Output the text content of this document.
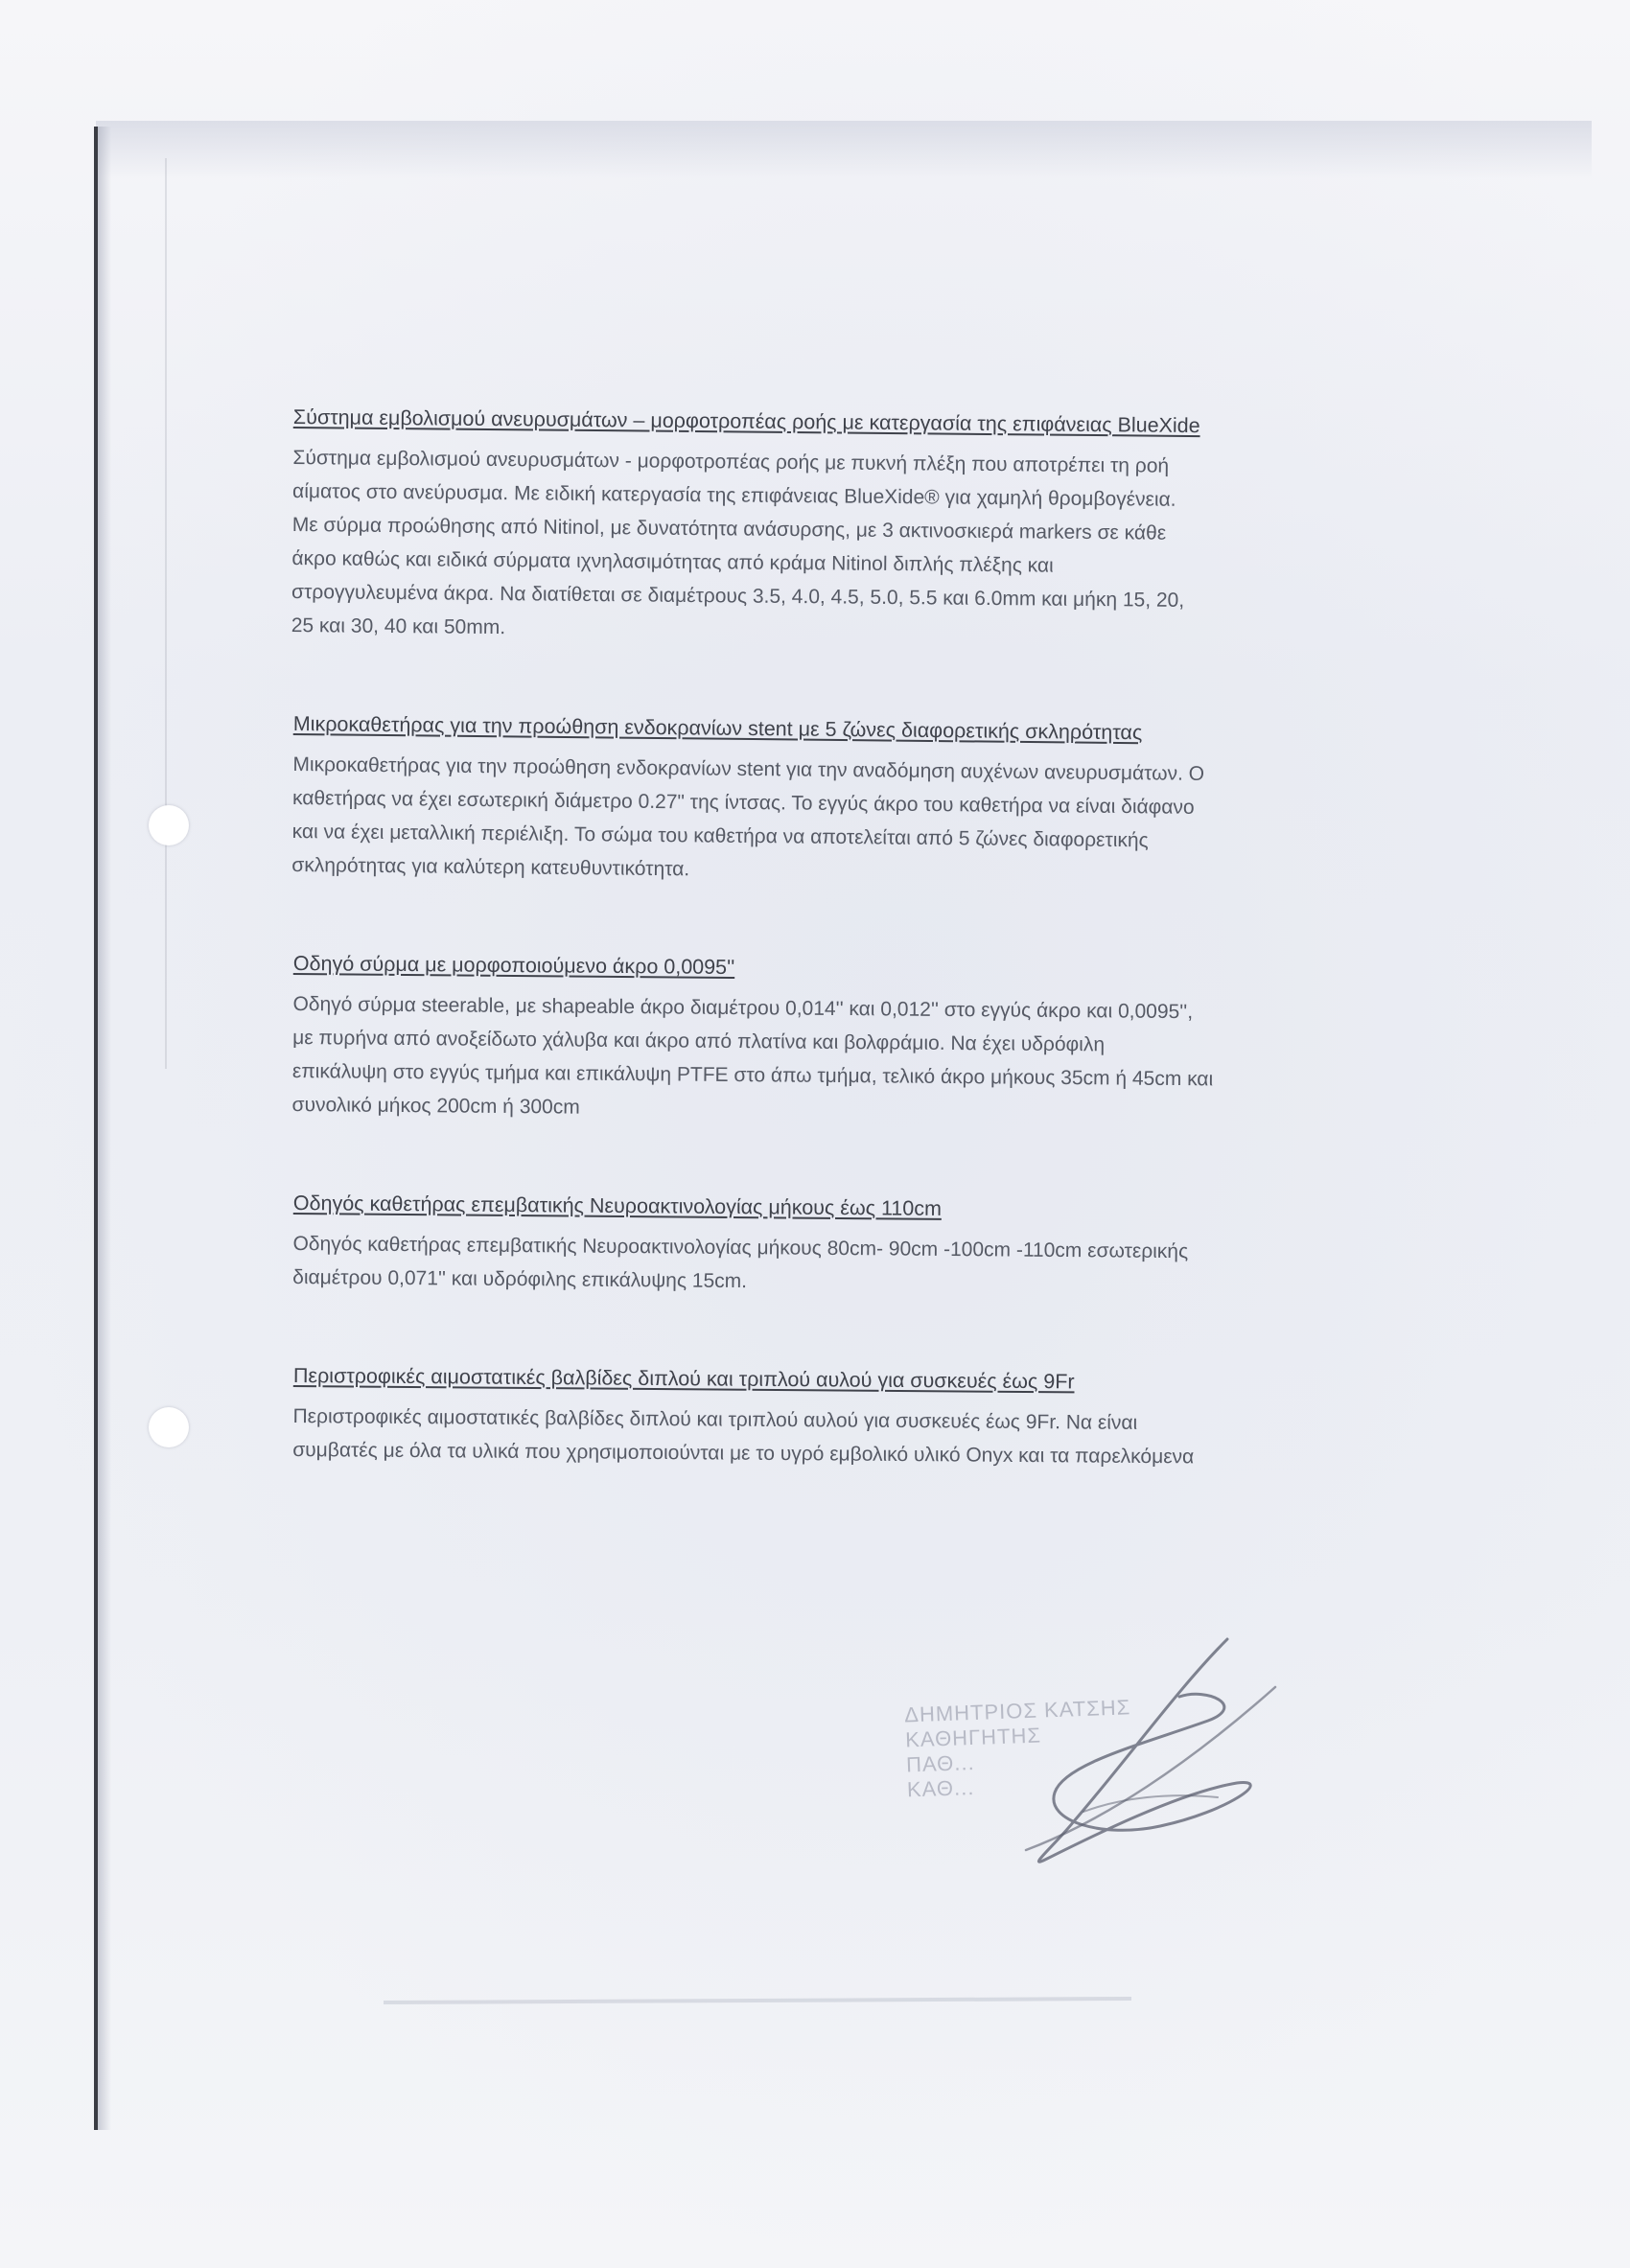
Σύστημα εμβολισμού ανευρυσμάτων – μορφοτροπέας ροής με κατεργασία της επιφάνειας BlueXide

Σύστημα εμβολισμού ανευρυσμάτων - μορφοτροπέας ροής με πυκνή πλέξη που αποτρέπει τη ροή
αίματος στο ανεύρυσμα. Με ειδική κατεργασία της επιφάνειας BlueXide® για χαμηλή θρομβογένεια.
Με σύρμα προώθησης από Nitinol, με δυνατότητα ανάσυρσης, με 3 ακτινοσκιερά markers σε κάθε
άκρο καθώς και ειδικά σύρματα ιχνηλασιμότητας από κράμα Nitinol διπλής πλέξης και
στρογγυλευμένα άκρα. Να διατίθεται σε διαμέτρους 3.5, 4.0, 4.5, 5.0, 5.5 και 6.0mm και μήκη 15, 20,
25 και 30, 40 και 50mm.

Μικροκαθετήρας για την προώθηση ενδοκρανίων stent με 5 ζώνες διαφορετικής σκληρότητας

Μικροκαθετήρας για την προώθηση ενδοκρανίων stent για την αναδόμηση αυχένων ανευρυσμάτων. Ο
καθετήρας να έχει εσωτερική διάμετρο 0.27" της ίντσας. Το εγγύς άκρο του καθετήρα να είναι διάφανο
και να έχει μεταλλική περιέλιξη. Το σώμα του καθετήρα να αποτελείται από 5 ζώνες διαφορετικής
σκληρότητας για καλύτερη κατευθυντικότητα.

Οδηγό σύρμα με μορφοποιούμενο άκρο 0,0095''

Οδηγό σύρμα steerable, με shapeable άκρο διαμέτρου 0,014'' και 0,012'' στο εγγύς άκρο και 0,0095'',
με πυρήνα από ανοξείδωτο χάλυβα και άκρο από πλατίνα και βολφράμιο. Να έχει υδρόφιλη
επικάλυψη στο εγγύς τμήμα και επικάλυψη PTFE στο άπω τμήμα, τελικό άκρο μήκους 35cm ή 45cm και
συνολικό μήκος 200cm ή 300cm

Οδηγός καθετήρας επεμβατικής Νευροακτινολογίας μήκους έως 110cm

Οδηγός καθετήρας επεμβατικής Νευροακτινολογίας μήκους 80cm- 90cm -100cm -110cm εσωτερικής
διαμέτρου 0,071'' και υδρόφιλης επικάλυψης 15cm.

Περιστροφικές αιμοστατικές βαλβίδες διπλού και τριπλού αυλού για συσκευές έως 9Fr

Περιστροφικές αιμοστατικές βαλβίδες διπλού και τριπλού αυλού για συσκευές έως 9Fr. Να είναι
συμβατές με όλα τα υλικά που χρησιμοποιούνται με το υγρό εμβολικό υλικό Onyx και τα παρελκόμενα

ΔΗΜΗΤΡΙΟΣ ΚΑΤΣΗΣ
ΚΑΘΗΓΗΤΗΣ
ΠΑΘ...
ΚΑΘ...
